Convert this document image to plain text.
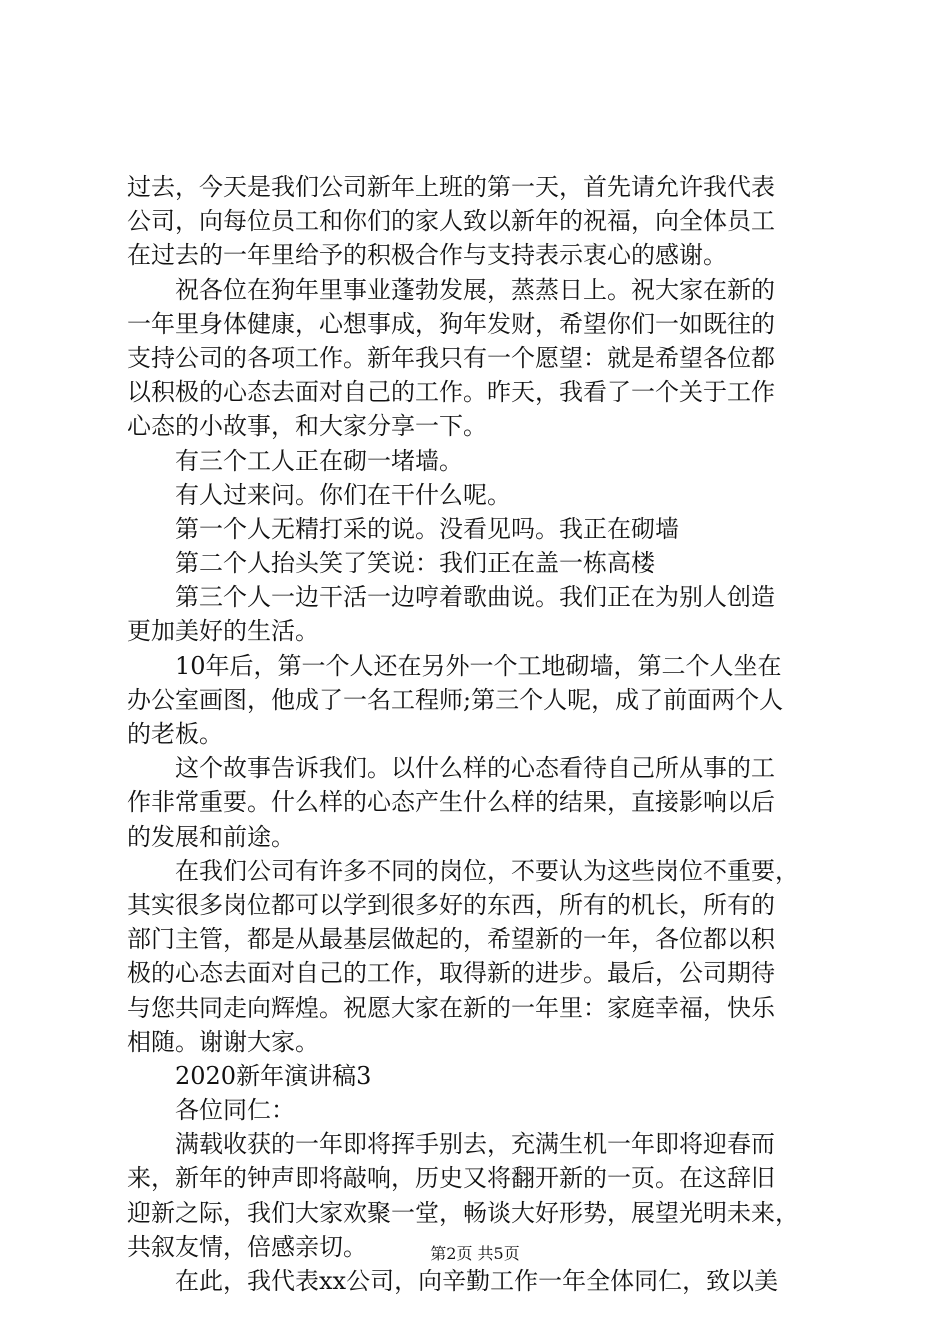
过去，今天是我们公司新年上班的第一天，首先请允许我代表
公司，向每位员工和你们的家人致以新年的祝福，向全体员工
在过去的一年里给予的积极合作与支持表示衷心的感谢。
　　祝各位在狗年里事业蓬勃发展，蒸蒸日上。祝大家在新的
一年里身体健康，心想事成，狗年发财，希望你们一如既往的
支持公司的各项工作。新年我只有一个愿望：就是希望各位都
以积极的心态去面对自己的工作。昨天，我看了一个关于工作
心态的小故事，和大家分享一下。
　　有三个工人正在砌一堵墙。
　　有人过来问。你们在干什么呢。
　　第一个人无精打采的说。没看见吗。我正在砌墙
　　第二个人抬头笑了笑说：我们正在盖一栋高楼
　　第三个人一边干活一边哼着歌曲说。我们正在为别人创造
更加美好的生活。
　　10年后，第一个人还在另外一个工地砌墙，第二个人坐在
办公室画图，他成了一名工程师;第三个人呢，成了前面两个人
的老板。
　　这个故事告诉我们。以什么样的心态看待自己所从事的工
作非常重要。什么样的心态产生什么样的结果，直接影响以后
的发展和前途。
　　在我们公司有许多不同的岗位，不要认为这些岗位不重要，
其实很多岗位都可以学到很多好的东西，所有的机长，所有的
部门主管，都是从最基层做起的，希望新的一年，各位都以积
极的心态去面对自己的工作，取得新的进步。最后，公司期待
与您共同走向辉煌。祝愿大家在新的一年里：家庭幸福，快乐
相随。谢谢大家。
　　2020新年演讲稿3
　　各位同仁：
　　满载收获的一年即将挥手别去，充满生机一年即将迎春而
来，新年的钟声即将敲响，历史又将翻开新的一页。在这辞旧
迎新之际，我们大家欢聚一堂，畅谈大好形势，展望光明未来，
共叙友情，倍感亲切。
　　在此，我代表xx公司，向辛勤工作一年全体同仁，致以美
第2页 共5页
